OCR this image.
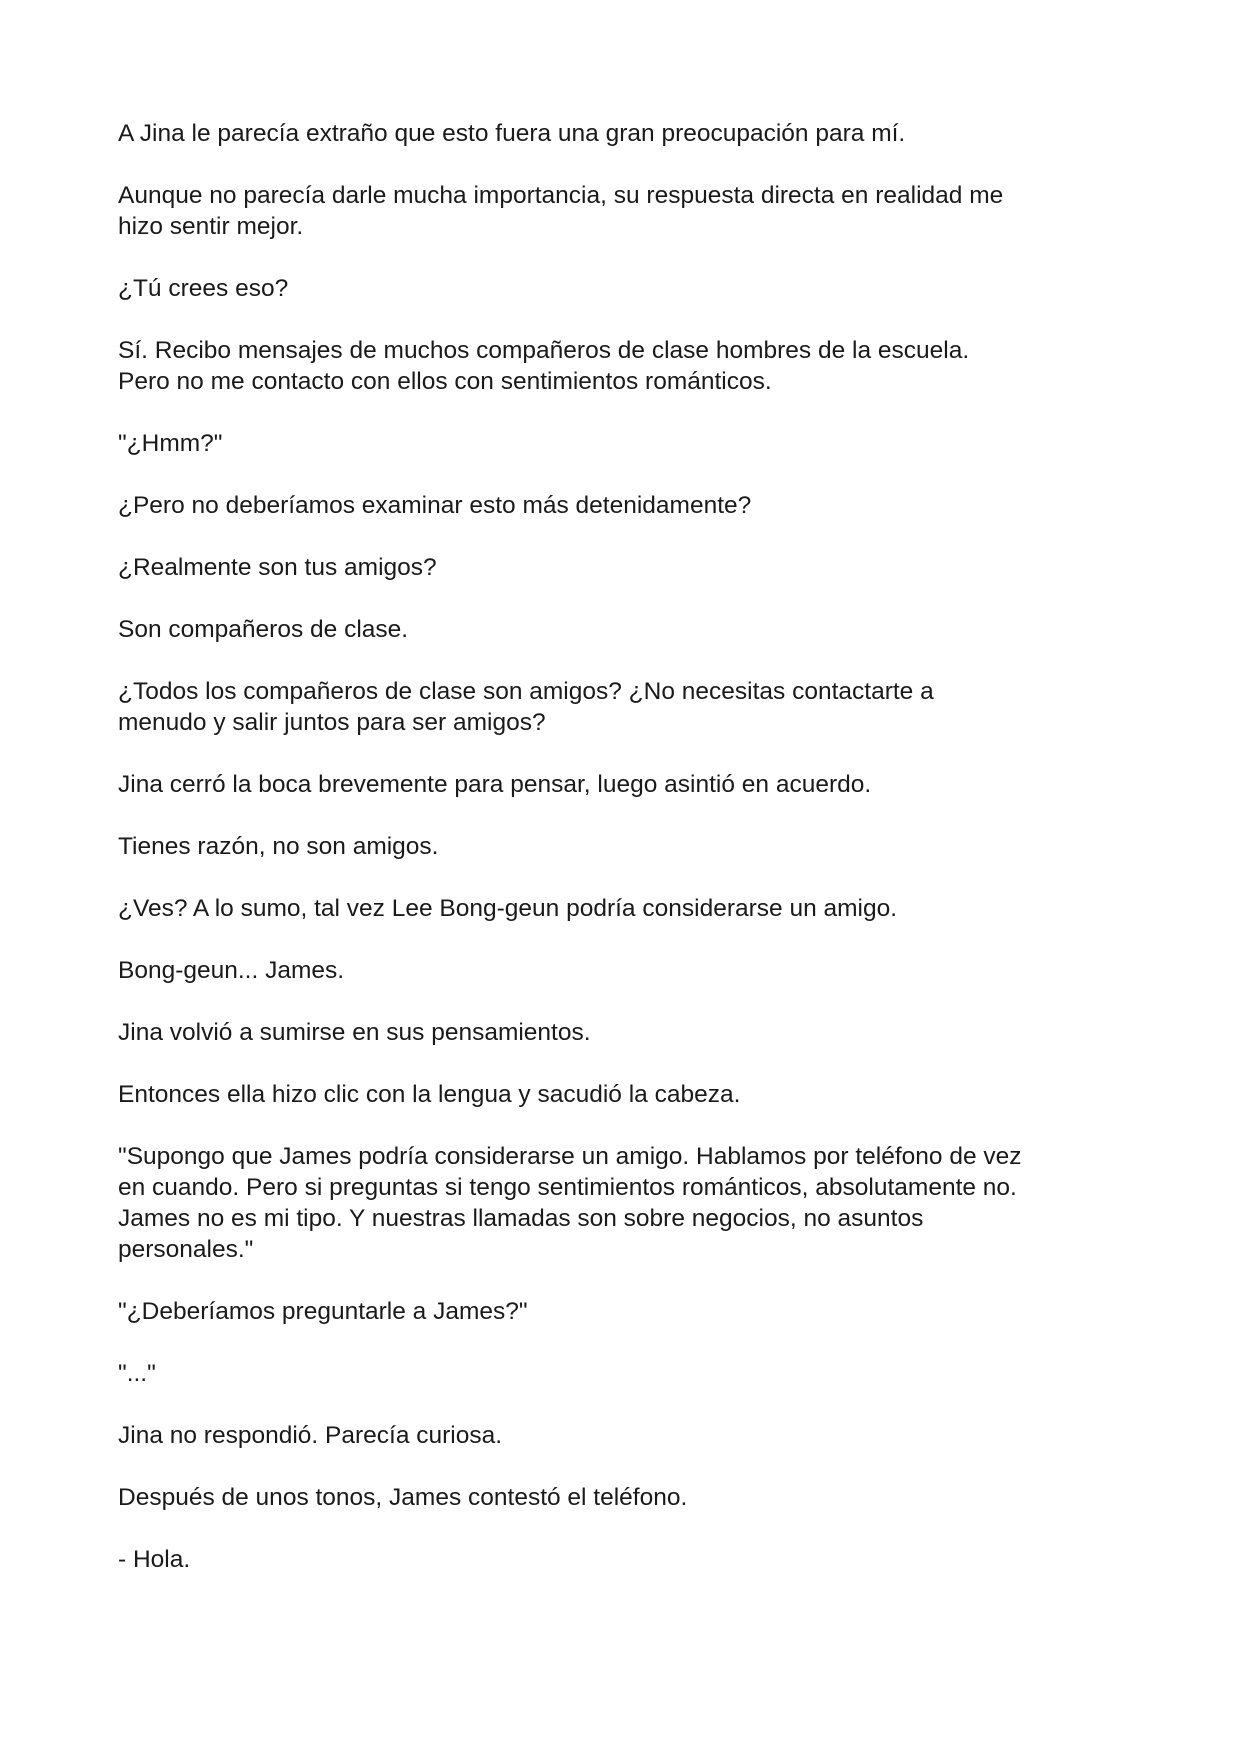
A Jina le parecía extraño que esto fuera una gran preocupación para mí.

Aunque no parecía darle mucha importancia, su respuesta directa en realidad me
hizo sentir mejor.

¿Tú crees eso?

Sí. Recibo mensajes de muchos compañeros de clase hombres de la escuela.
Pero no me contacto con ellos con sentimientos románticos.

"¿Hmm?"

¿Pero no deberíamos examinar esto más detenidamente?

¿Realmente son tus amigos?

Son compañeros de clase.

¿Todos los compañeros de clase son amigos? ¿No necesitas contactarte a
menudo y salir juntos para ser amigos?

Jina cerró la boca brevemente para pensar, luego asintió en acuerdo.

Tienes razón, no son amigos.

¿Ves? A lo sumo, tal vez Lee Bong-geun podría considerarse un amigo.

Bong-geun... James.

Jina volvió a sumirse en sus pensamientos.

Entonces ella hizo clic con la lengua y sacudió la cabeza.

"Supongo que James podría considerarse un amigo. Hablamos por teléfono de vez
en cuando. Pero si preguntas si tengo sentimientos románticos, absolutamente no.
James no es mi tipo. Y nuestras llamadas son sobre negocios, no asuntos
personales."

"¿Deberíamos preguntarle a James?"

"..."

Jina no respondió. Parecía curiosa.

Después de unos tonos, James contestó el teléfono.

- Hola.
